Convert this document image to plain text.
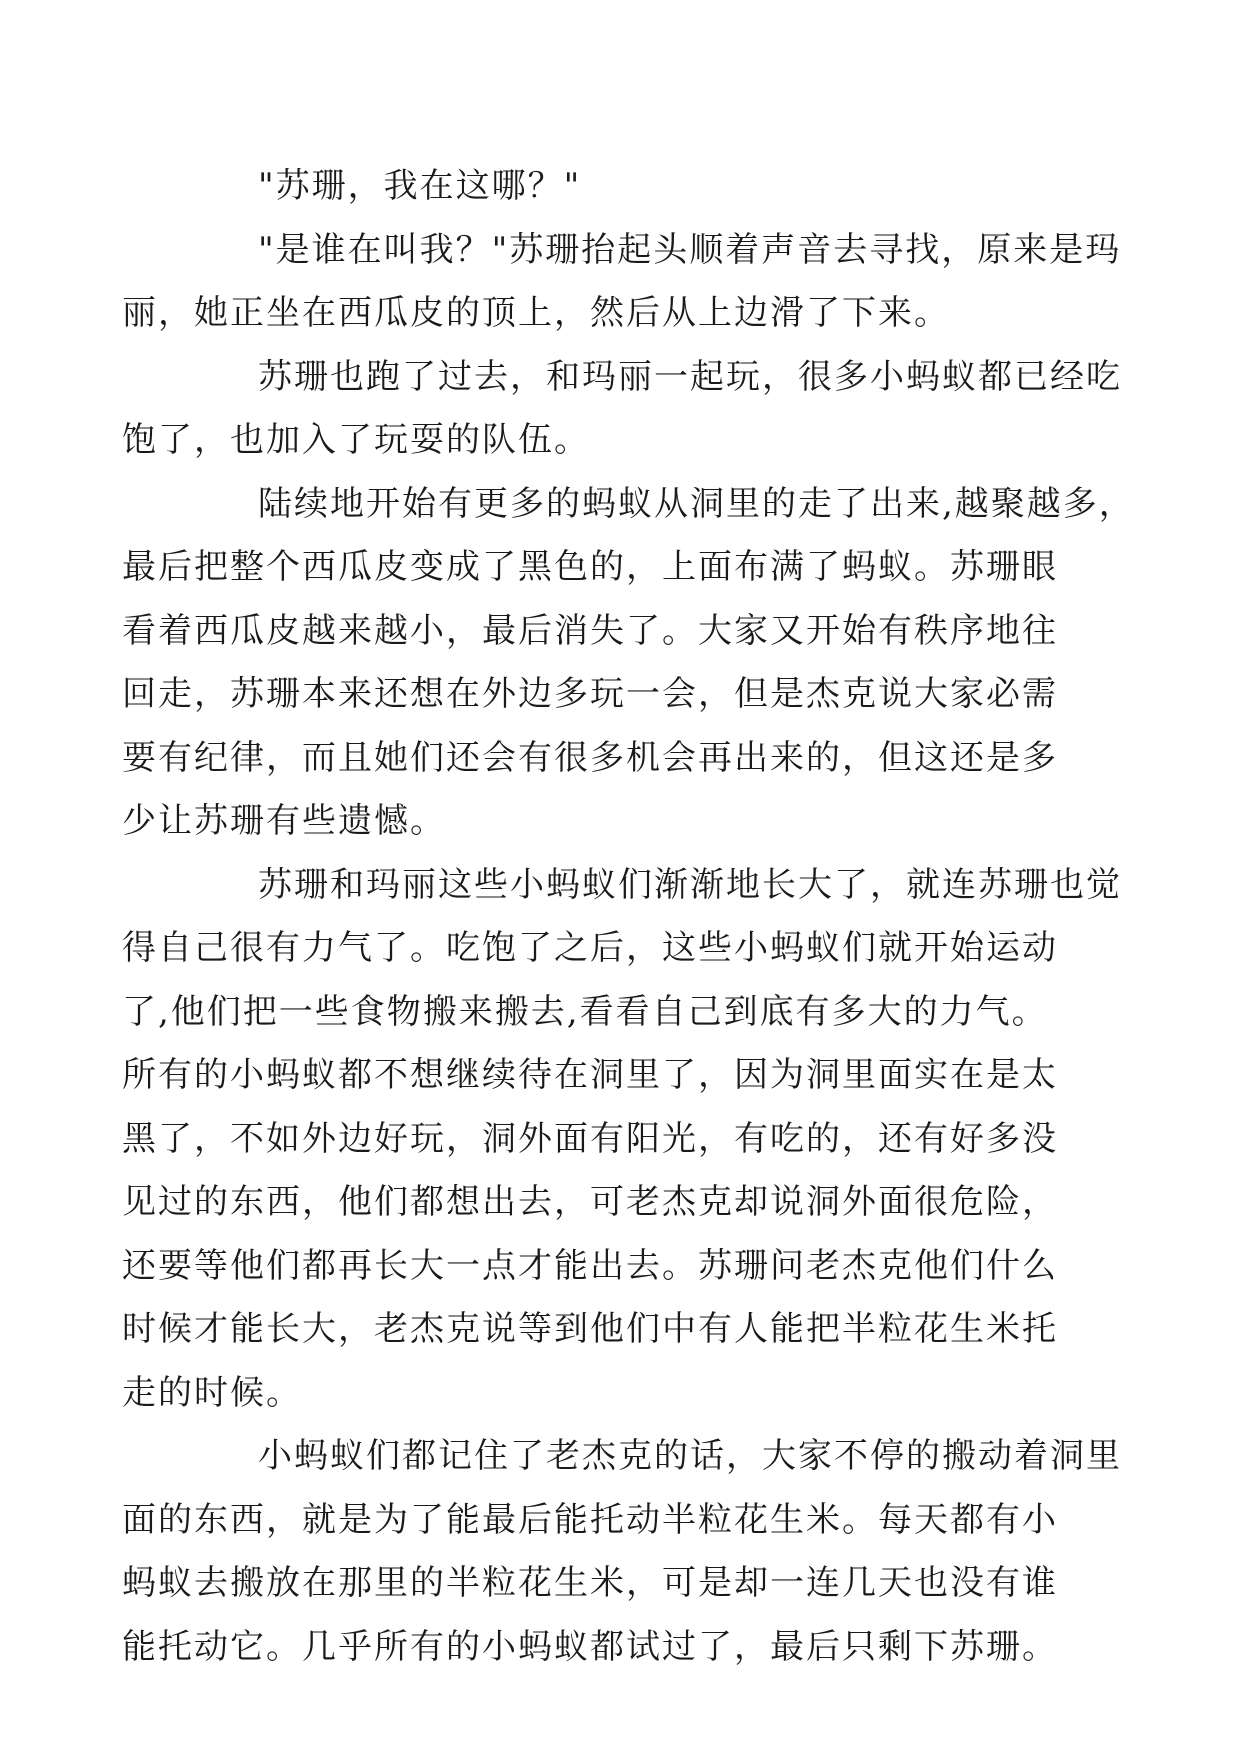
"苏珊，我在这哪？"

"是谁在叫我？"苏珊抬起头顺着声音去寻找，原来是玛
丽，她正坐在西瓜皮的顶上，然后从上边滑了下来。

苏珊也跑了过去，和玛丽一起玩，很多小蚂蚁都已经吃
饱了，也加入了玩耍的队伍。

陆续地开始有更多的蚂蚁从洞里的走了出来,越聚越多，
最后把整个西瓜皮变成了黑色的，上面布满了蚂蚁。苏珊眼
看着西瓜皮越来越小，最后消失了。大家又开始有秩序地往
回走，苏珊本来还想在外边多玩一会，但是杰克说大家必需
要有纪律，而且她们还会有很多机会再出来的，但这还是多
少让苏珊有些遗憾。

苏珊和玛丽这些小蚂蚁们渐渐地长大了，就连苏珊也觉
得自己很有力气了。吃饱了之后，这些小蚂蚁们就开始运动
了,他们把一些食物搬来搬去,看看自己到底有多大的力气。
所有的小蚂蚁都不想继续待在洞里了，因为洞里面实在是太
黑了，不如外边好玩，洞外面有阳光，有吃的，还有好多没
见过的东西，他们都想出去，可老杰克却说洞外面很危险，
还要等他们都再长大一点才能出去。苏珊问老杰克他们什么
时候才能长大，老杰克说等到他们中有人能把半粒花生米托
走的时候。

小蚂蚁们都记住了老杰克的话，大家不停的搬动着洞里
面的东西，就是为了能最后能托动半粒花生米。每天都有小
蚂蚁去搬放在那里的半粒花生米，可是却一连几天也没有谁
能托动它。几乎所有的小蚂蚁都试过了，最后只剩下苏珊。
